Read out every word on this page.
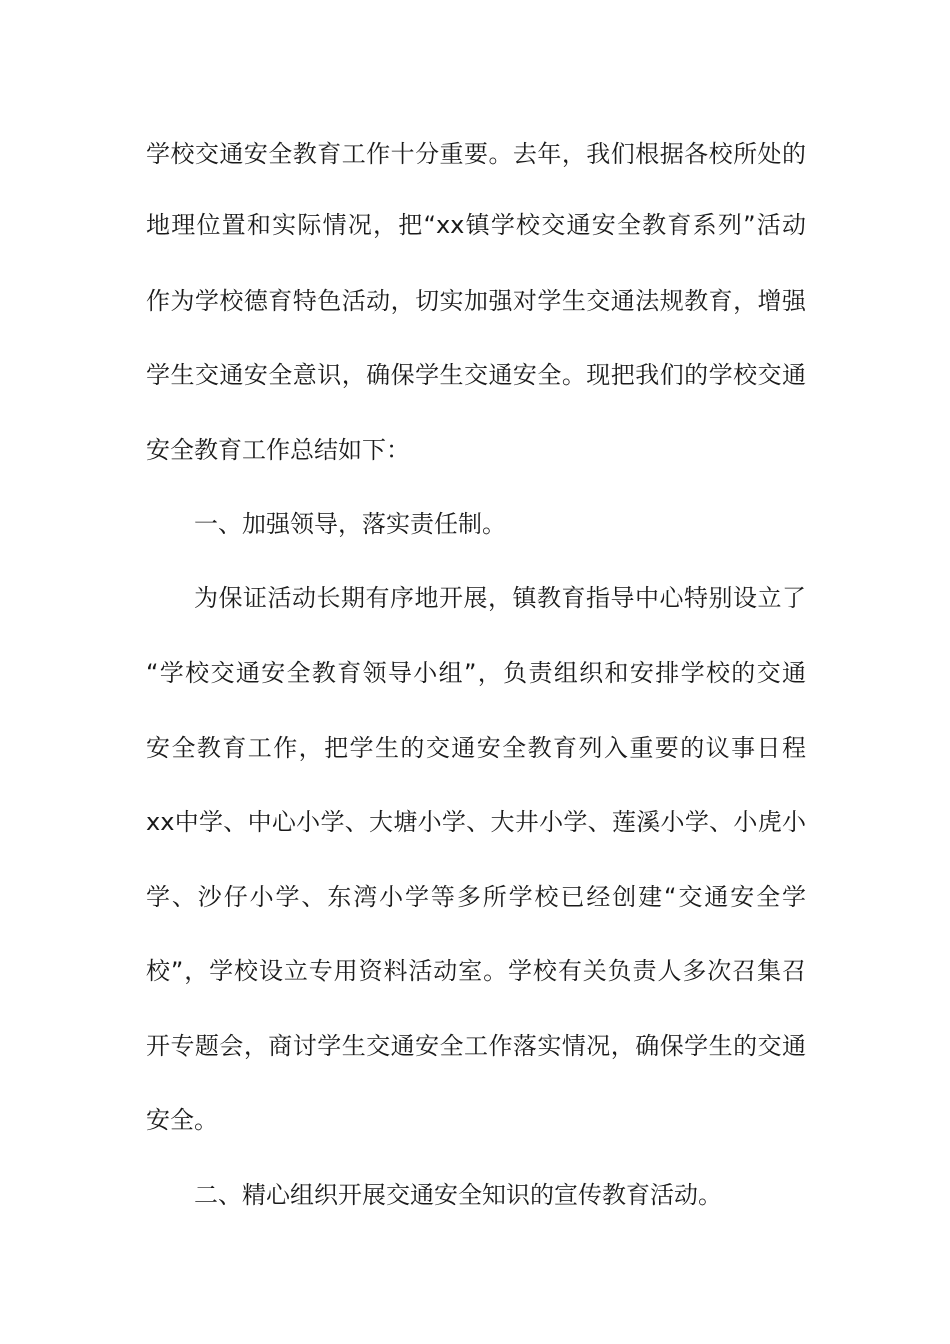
学校交通安全教育工作十分重要。去年，我们根据各校所处的
地理位置和实际情况，把“xx镇学校交通安全教育系列”活动
作为学校德育特色活动，切实加强对学生交通法规教育，增强
学生交通安全意识，确保学生交通安全。现把我们的学校交通
安全教育工作总结如下：
一、加强领导，落实责任制。
为保证活动长期有序地开展，镇教育指导中心特别设立了
“学校交通安全教育领导小组”，负责组织和安排学校的交通
安全教育工作，把学生的交通安全教育列入重要的议事日程
xx中学、中心小学、大塘小学、大井小学、莲溪小学、小虎小
学、沙仔小学、东湾小学等多所学校已经创建“交通安全学
校”，学校设立专用资料活动室。学校有关负责人多次召集召
开专题会，商讨学生交通安全工作落实情况，确保学生的交通
安全。
二、精心组织开展交通安全知识的宣传教育活动。
